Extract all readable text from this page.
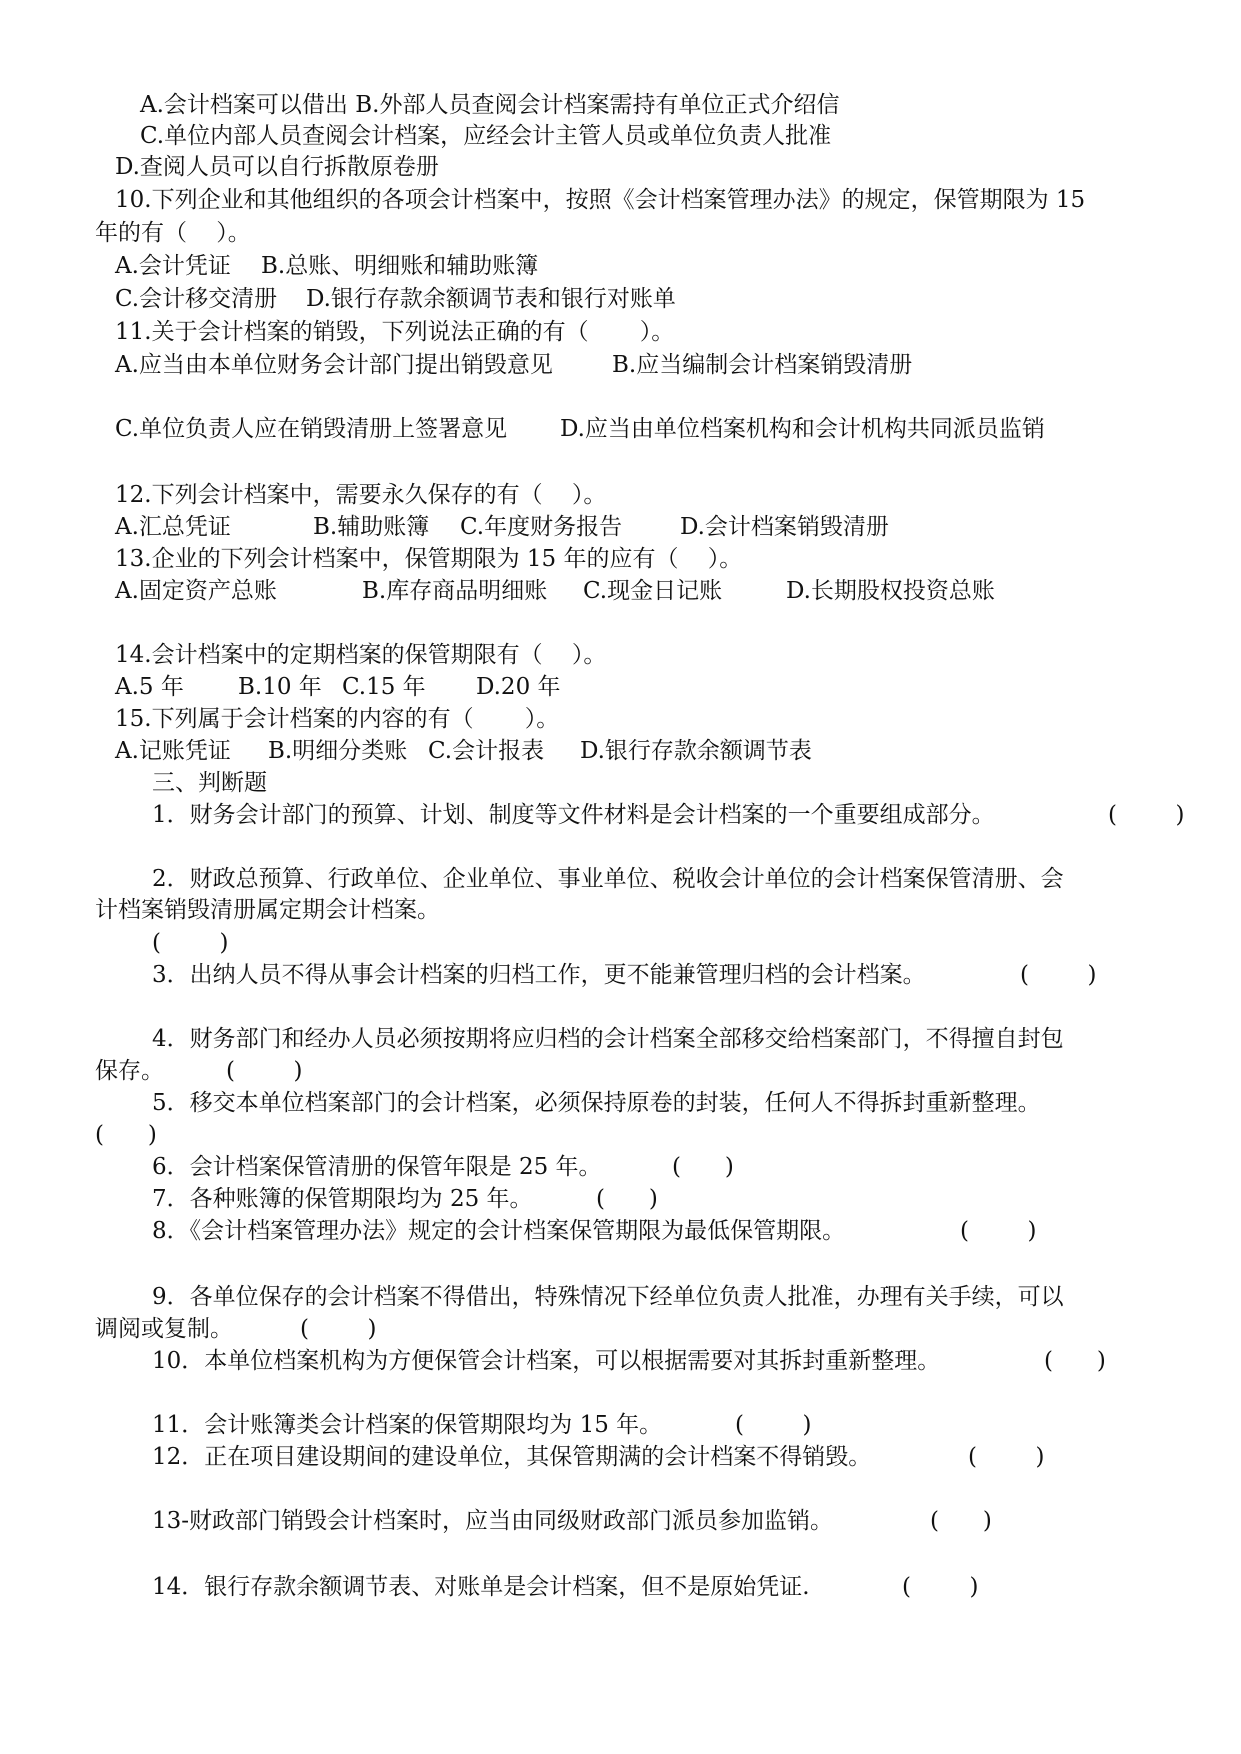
A.会计档案可以借出 B.外部人员查阅会计档案需持有单位正式介绍信
C.单位内部人员查阅会计档案，应经会计主管人员或单位负责人批准
D.查阅人员可以自行拆散原卷册
10.下列企业和其他组织的各项会计档案中，按照《会计档案管理办法》的规定，保管期限为 15
年的有（    ）。
A.会计凭证 B.总账、明细账和辅助账簿
C.会计移交清册 D.银行存款余额调节表和银行对账单
11.关于会计档案的销毁，下列说法正确的有（       ）。
A.应当由本单位财务会计部门提出销毁意见	B.应当编制会计档案销毁清册
C.单位负责人应在销毁清册上签署意见 D.应当由单位档案机构和会计机构共同派员监销
12.下列会计档案中，需要永久保存的有（    ）。
A.汇总凭证	B.辅助账簿 C.年度财务报告	D.会计档案销毁清册
13.企业的下列会计档案中，保管期限为 15 年的应有（    ）。
A.固定资产总账	B.库存商品明细账 C.现金日记账	D.长期股权投资总账
14.会计档案中的定期档案的保管期限有（    ）。
A.5 年 B.10 年 C.15 年 D.20 年
15.下列属于会计档案的内容的有（       ）。
A.记账凭证 B.明细分类账 C.会计报表 D.银行存款余额调节表
三、判断题
1．财务会计部门的预算、计划、制度等文件材料是会计档案的一个重要组成部分。	(        )
2．财政总预算、行政单位、企业单位、事业单位、税收会计单位的会计档案保管清册、会
计档案销毁清册属定期会计档案。
(        )
3．出纳人员不得从事会计档案的归档工作，更不能兼管理归档的会计档案。	(        )
4．财务部门和经办人员必须按期将应归档的会计档案全部移交给档案部门，不得擅自封包
保存。	(        )
5．移交本单位档案部门的会计档案，必须保持原卷的封装，任何人不得拆封重新整理。
(      )
6．会计档案保管清册的保管年限是 25 年。	(      )
7．各种账簿的保管期限均为 25 年。	(      )
8．《会计档案管理办法》规定的会计档案保管期限为最低保管期限。	(        )
9．各单位保存的会计档案不得借出，特殊情况下经单位负责人批准，办理有关手续，可以
调阅或复制。	(        )
10．本单位档案机构为方便保管会计档案，可以根据需要对其拆封重新整理。	(      )
11．会计账簿类会计档案的保管期限均为 15 年。	(        )
12．正在项目建设期间的建设单位，其保管期满的会计档案不得销毁。	(        )
13-财政部门销毁会计档案时，应当由同级财政部门派员参加监销。	(      )
14．银行存款余额调节表、对账单是会计档案，但不是原始凭证.	(        )
